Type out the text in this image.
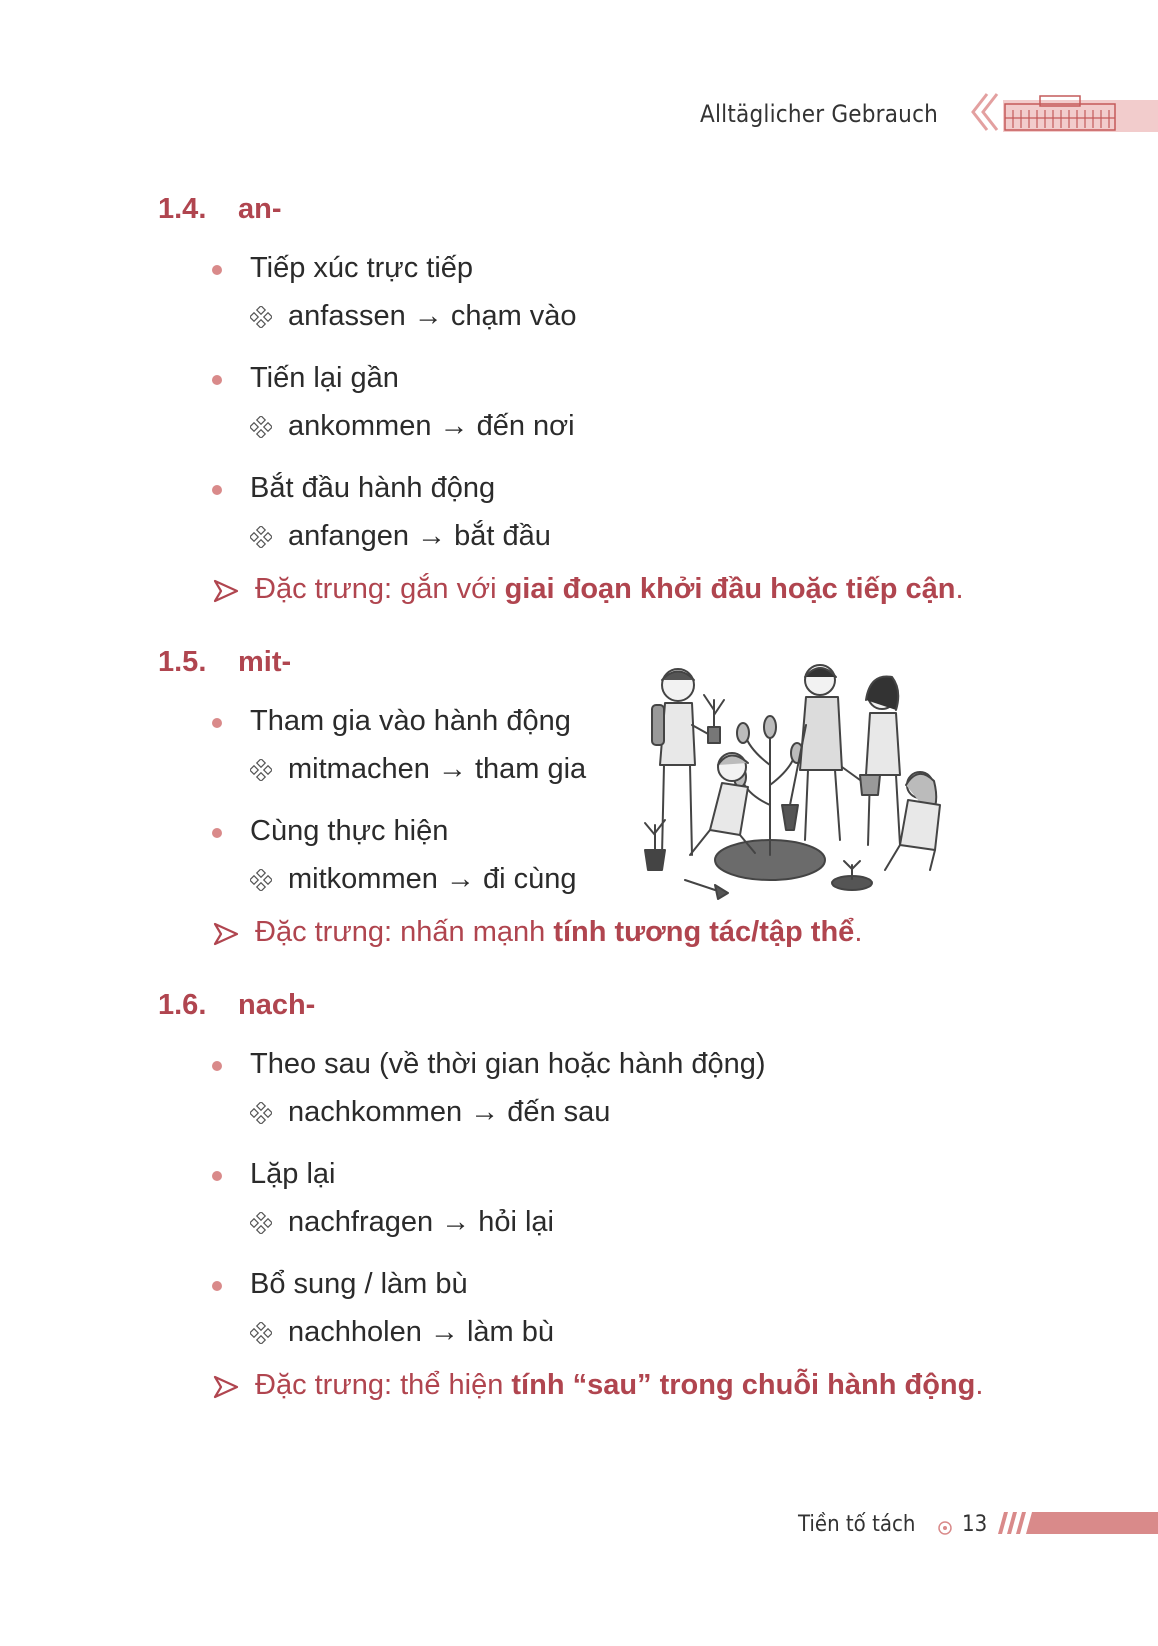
Alltäglicher Gebrauch
1.4. an-
Tiếp xúc trực tiếp
anfassen → chạm vào
Tiến lại gần
ankommen → đến nơi
Bắt đầu hành động
anfangen → bắt đầu
Đặc trưng: gắn với giai đoạn khởi đầu hoặc tiếp cận.
1.5. mit-
Tham gia vào hành động
mitmachen → tham gia
Cùng thực hiện
mitkommen → đi cùng
Đặc trưng: nhấn mạnh tính tương tác/tập thể.
1.6. nach-
Theo sau (về thời gian hoặc hành động)
nachkommen → đến sau
Lặp lại
nachfragen → hỏi lại
Bổ sung / làm bù
nachholen → làm bù
Đặc trưng: thể hiện tính “sau” trong chuỗi hành động.
Tiền tố tách 13
